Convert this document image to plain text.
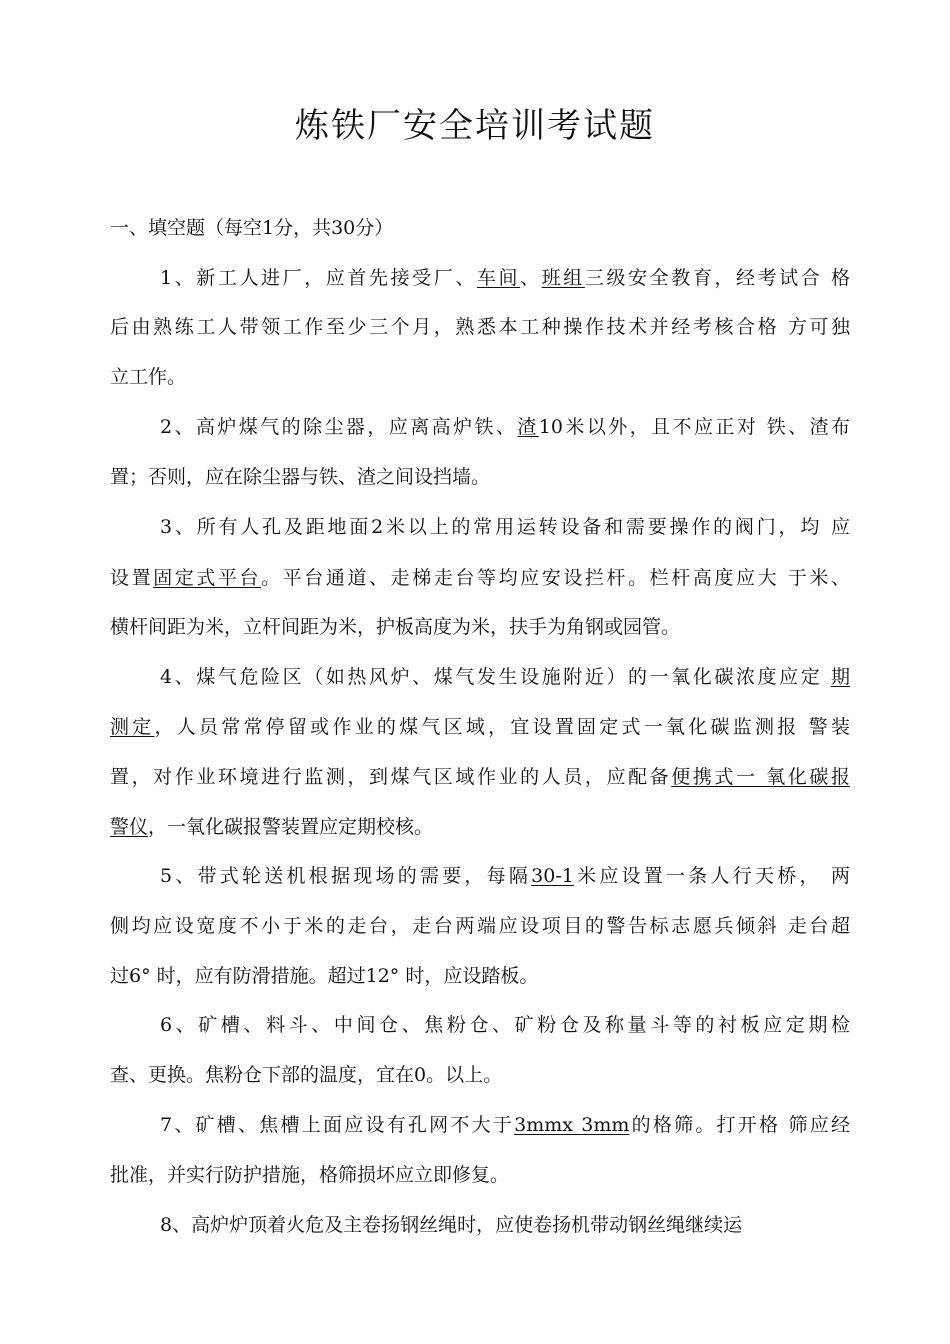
炼铁厂安全培训考试题
一、填空题（每空1分，共30分）
1、新工人进厂，应首先接受厂、车间、班组三级安全教育，经考试合 格
后由熟练工人带领工作至少三个月，熟悉本工种操作技术并经考核合格 方可独
立工作。
2、高炉煤气的除尘器，应离高炉铁、渣10米以外，且不应正对 铁、渣布
置；否则，应在除尘器与铁、渣之间设挡墙。
3、所有人孔及距地面2米以上的常用运转设备和需要操作的阀门，均 应
设置固定式平台。平台通道、走梯走台等均应安设拦杆。栏杆高度应大 于米、
横杆间距为米，立杆间距为米，护板高度为米，扶手为角钢或园管。
4、煤气危险区（如热风炉、煤气发生设施附近）的一氧化碳浓度应定 期
测定，人员常常停留或作业的煤气区域，宜设置固定式一氧化碳监测报 警装
置，对作业环境进行监测，到煤气区域作业的人员，应配备便携式一 氧化碳报
警仪，一氧化碳报警装置应定期校核。
5、带式轮送机根据现场的需要，每隔30-1米应设置一条人行天桥， 两
侧均应设宽度不小于米的走台，走台两端应设项目的警告标志愿兵倾斜 走台超
过6° 时，应有防滑措施。超过12° 时，应设踏板。
6、矿槽、料斗、中间仓、焦粉仓、矿粉仓及称量斗等的衬板应定期检
查、更换。焦粉仓下部的温度，宜在0。以上。
7、矿槽、焦槽上面应设有孔网不大于3mmx 3mm的格筛。打开格 筛应经
批准，并实行防护措施，格筛损坏应立即修复。
8、高炉炉顶着火危及主卷扬钢丝绳时，应使卷扬机带动钢丝绳继续运
